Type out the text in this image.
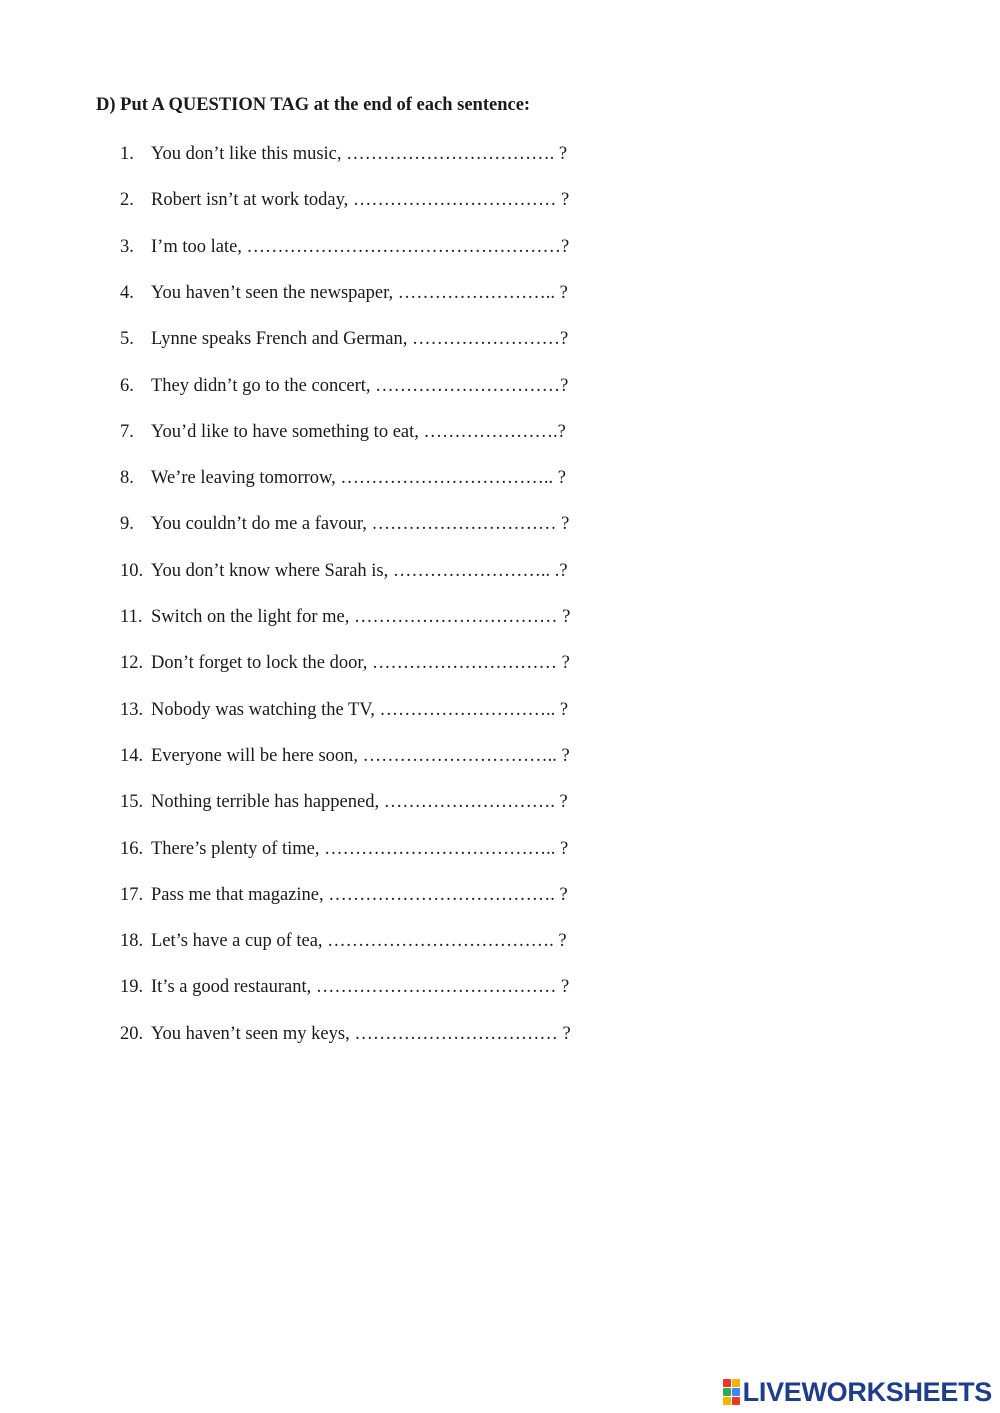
D) Put A QUESTION TAG at the end of each sentence:
1. You don’t like this music, ……………………………. ?
2. Robert isn’t at work today, …………………………… ?
3. I’m too late, ……………………………………………?
4. You haven’t seen the newspaper, …………………….. ?
5. Lynne speaks French and German, ……………………?
6. They didn’t go to the concert, …………………………?
7. You’d like to have something to eat, ………………….?
8. We’re leaving tomorrow, …………………………….. ?
9. You couldn’t do me a favour, ………………………… ?
10. You don’t know where Sarah is, …………………….. .?
11. Switch on the light for me, …………………………… ?
12. Don’t forget to lock the door, ………………………… ?
13. Nobody was watching the TV, ……………………….. ?
14. Everyone will be here soon, ………………………….. ?
15. Nothing terrible has happened, ………………………. ?
16. There’s plenty of time, ……………………………….. ?
17. Pass me that magazine, ………………………………. ?
18. Let’s have a cup of tea, ………………………………. ?
19. It’s a good restaurant, ………………………………… ?
20. You haven’t seen my keys, …………………………… ?
LIVEWORKSHEETS
